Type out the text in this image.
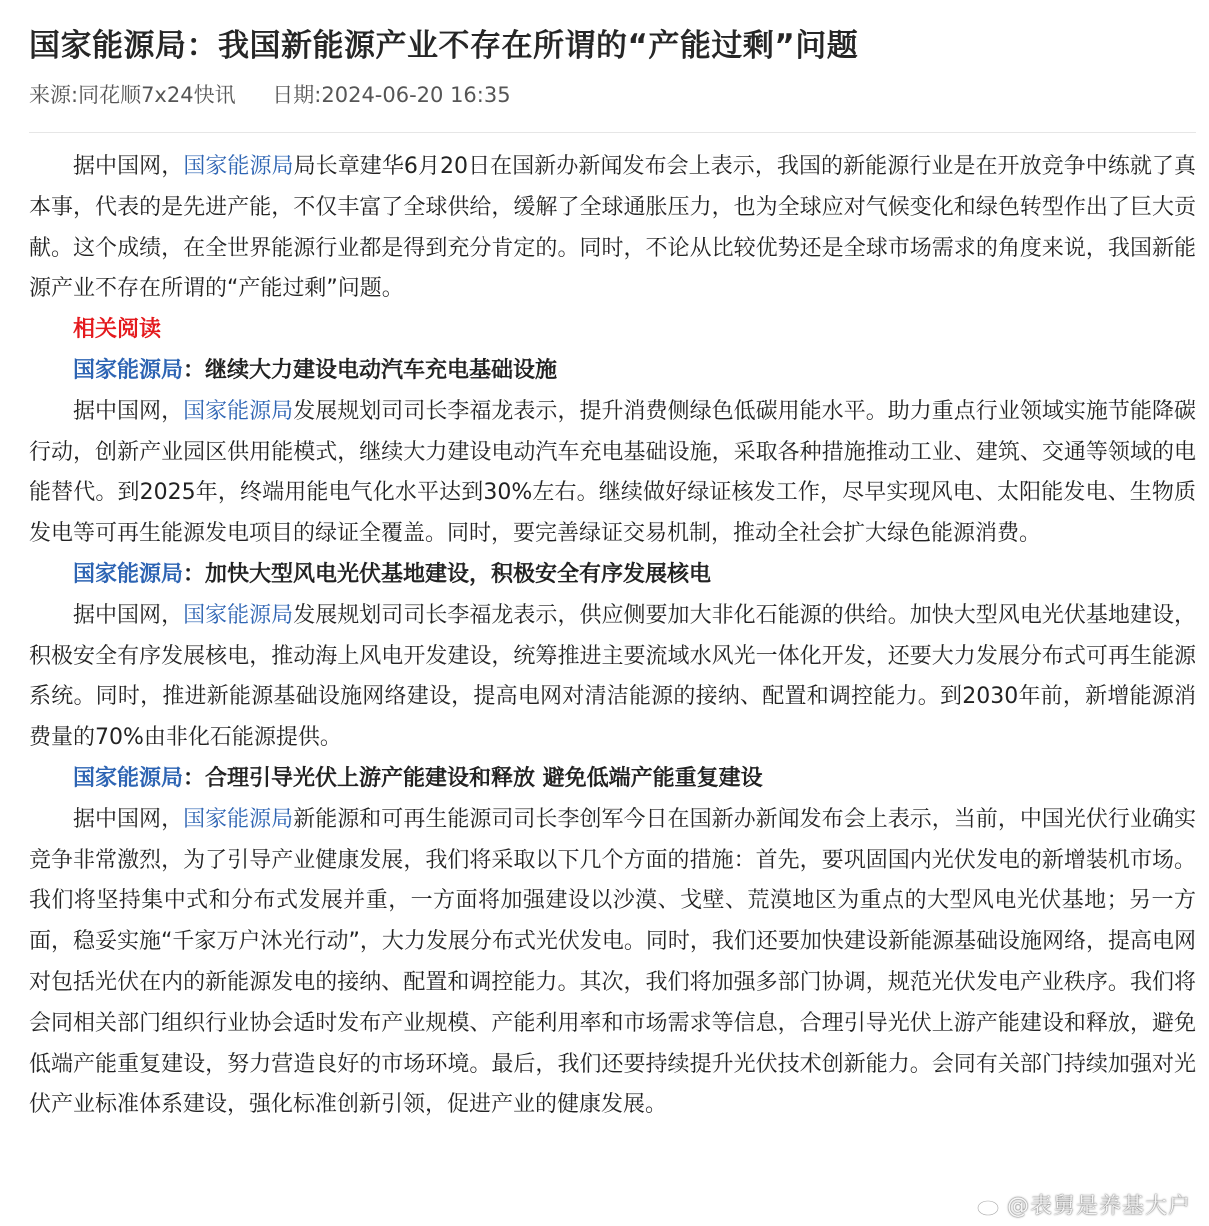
国家能源局：我国新能源产业不存在所谓的“产能过剩”问题
来源:同花顺7x24快讯 日期:2024-06-20 16:35

据中国网，国家能源局局长章建华6月20日在国新办新闻发布会上表示，我国的新能源行业是在开放竞争中练就了真本事，代表的是先进产能，不仅丰富了全球供给，缓解了全球通胀压力，也为全球应对气候变化和绿色转型作出了巨大贡献。这个成绩，在全世界能源行业都是得到充分肯定的。同时，不论从比较优势还是全球市场需求的角度来说，我国新能源产业不存在所谓的“产能过剩”问题。

相关阅读
国家能源局：继续大力建设电动汽车充电基础设施

据中国网，国家能源局发展规划司司长李福龙表示，提升消费侧绿色低碳用能水平。助力重点行业领域实施节能降碳行动，创新产业园区供用能模式，继续大力建设电动汽车充电基础设施，采取各种措施推动工业、建筑、交通等领域的电能替代。到2025年，终端用能电气化水平达到30%左右。继续做好绿证核发工作，尽早实现风电、太阳能发电、生物质发电等可再生能源发电项目的绿证全覆盖。同时，要完善绿证交易机制，推动全社会扩大绿色能源消费。

国家能源局：加快大型风电光伏基地建设，积极安全有序发展核电

据中国网，国家能源局发展规划司司长李福龙表示，供应侧要加大非化石能源的供给。加快大型风电光伏基地建设，积极安全有序发展核电，推动海上风电开发建设，统筹推进主要流域水风光一体化开发，还要大力发展分布式可再生能源系统。同时，推进新能源基础设施网络建设，提高电网对清洁能源的接纳、配置和调控能力。到2030年前，新增能源消费量的70%由非化石能源提供。

国家能源局：合理引导光伏上游产能建设和释放 避免低端产能重复建设

据中国网，国家能源局新能源和可再生能源司司长李创军今日在国新办新闻发布会上表示，当前，中国光伏行业确实竞争非常激烈，为了引导产业健康发展，我们将采取以下几个方面的措施：首先，要巩固国内光伏发电的新增装机市场。我们将坚持集中式和分布式发展并重，一方面将加强建设以沙漠、戈壁、荒漠地区为重点的大型风电光伏基地；另一方面，稳妥实施“千家万户沐光行动”，大力发展分布式光伏发电。同时，我们还要加快建设新能源基础设施网络，提高电网对包括光伏在内的新能源发电的接纳、配置和调控能力。其次，我们将加强多部门协调，规范光伏发电产业秩序。我们将会同相关部门组织行业协会适时发布产业规模、产能利用率和市场需求等信息，合理引导光伏上游产能建设和释放，避免低端产能重复建设，努力营造良好的市场环境。最后，我们还要持续提升光伏技术创新能力。会同有关部门持续加强对光伏产业标准体系建设，强化标准创新引领，促进产业的健康发展。

@表舅是养基大户
